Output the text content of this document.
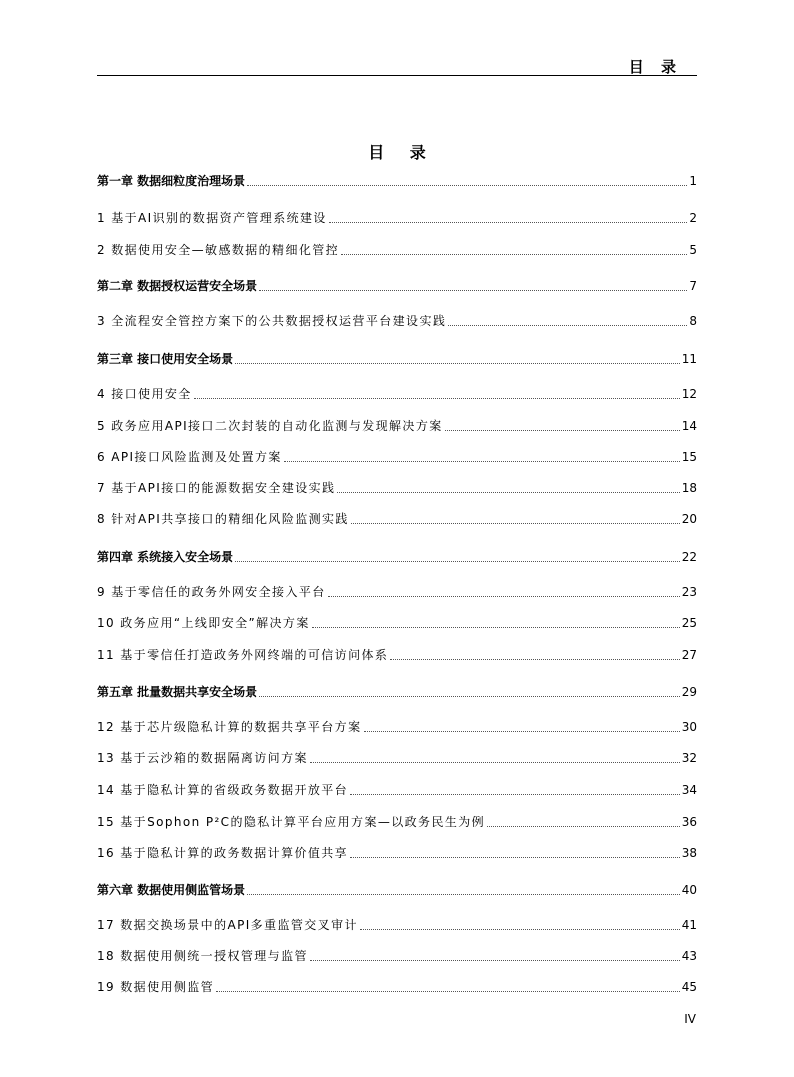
目 录
目 录
第一章 数据细粒度治理场景	1
1 基于AI识别的数据资产管理系统建设	2
2 数据使用安全—敏感数据的精细化管控	5
第二章 数据授权运营安全场景	7
3 全流程安全管控方案下的公共数据授权运营平台建设实践	8
第三章 接口使用安全场景	11
4 接口使用安全	12
5 政务应用API接口二次封装的自动化监测与发现解决方案	14
6 API接口风险监测及处置方案	15
7 基于API接口的能源数据安全建设实践	18
8 针对API共享接口的精细化风险监测实践	20
第四章 系统接入安全场景	22
9 基于零信任的政务外网安全接入平台	23
10 政务应用“上线即安全”解决方案	25
11 基于零信任打造政务外网终端的可信访问体系	27
第五章 批量数据共享安全场景	29
12 基于芯片级隐私计算的数据共享平台方案	30
13 基于云沙箱的数据隔离访问方案	32
14 基于隐私计算的省级政务数据开放平台	34
15 基于Sophon P²C的隐私计算平台应用方案—以政务民生为例	36
16 基于隐私计算的政务数据计算价值共享	38
第六章 数据使用侧监管场景	40
17 数据交换场景中的API多重监管交叉审计	41
18 数据使用侧统一授权管理与监管	43
19 数据使用侧监管	45
IV
